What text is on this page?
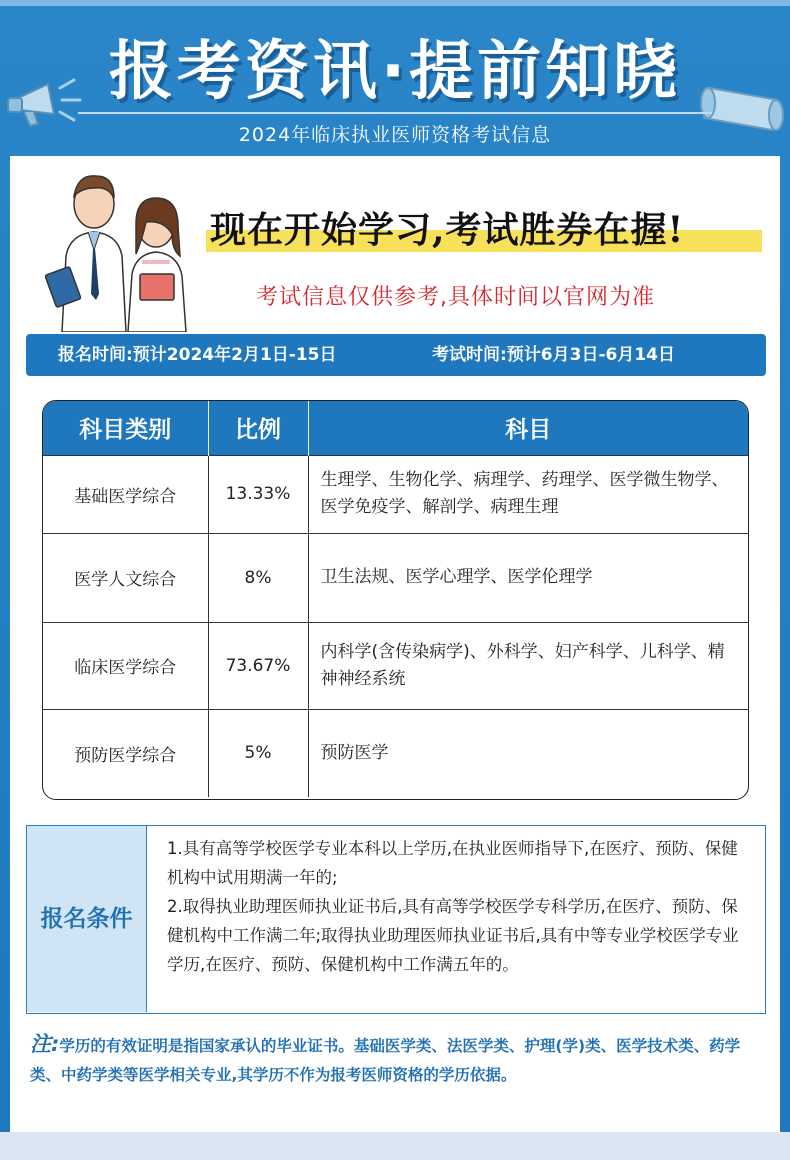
报考资讯·提前知晓
2024年临床执业医师资格考试信息
现在开始学习,考试胜券在握!
考试信息仅供参考,具体时间以官网为准
报名时间:预计2024年2月1日-15日	考试时间:预计6月3日-6月14日
科目类别	比例	科目
基础医学综合	13.33%	生理学、生物化学、病理学、药理学、医学微生物学、医学免疫学、解剖学、病理生理
医学人文综合	8%	卫生法规、医学心理学、医学伦理学
临床医学综合	73.67%	内科学(含传染病学)、外科学、妇产科学、儿科学、精神神经系统
预防医学综合	5%	预防医学
报名条件
1.具有高等学校医学专业本科以上学历,在执业医师指导下,在医疗、预防、保健机构中试用期满一年的;
2.取得执业助理医师执业证书后,具有高等学校医学专科学历,在医疗、预防、保健机构中工作满二年;取得执业助理医师执业证书后,具有中等专业学校医学专业学历,在医疗、预防、保健机构中工作满五年的。
注:学历的有效证明是指国家承认的毕业证书。基础医学类、法医学类、护理(学)类、医学技术类、药学类、中药学类等医学相关专业,其学历不作为报考医师资格的学历依据。
